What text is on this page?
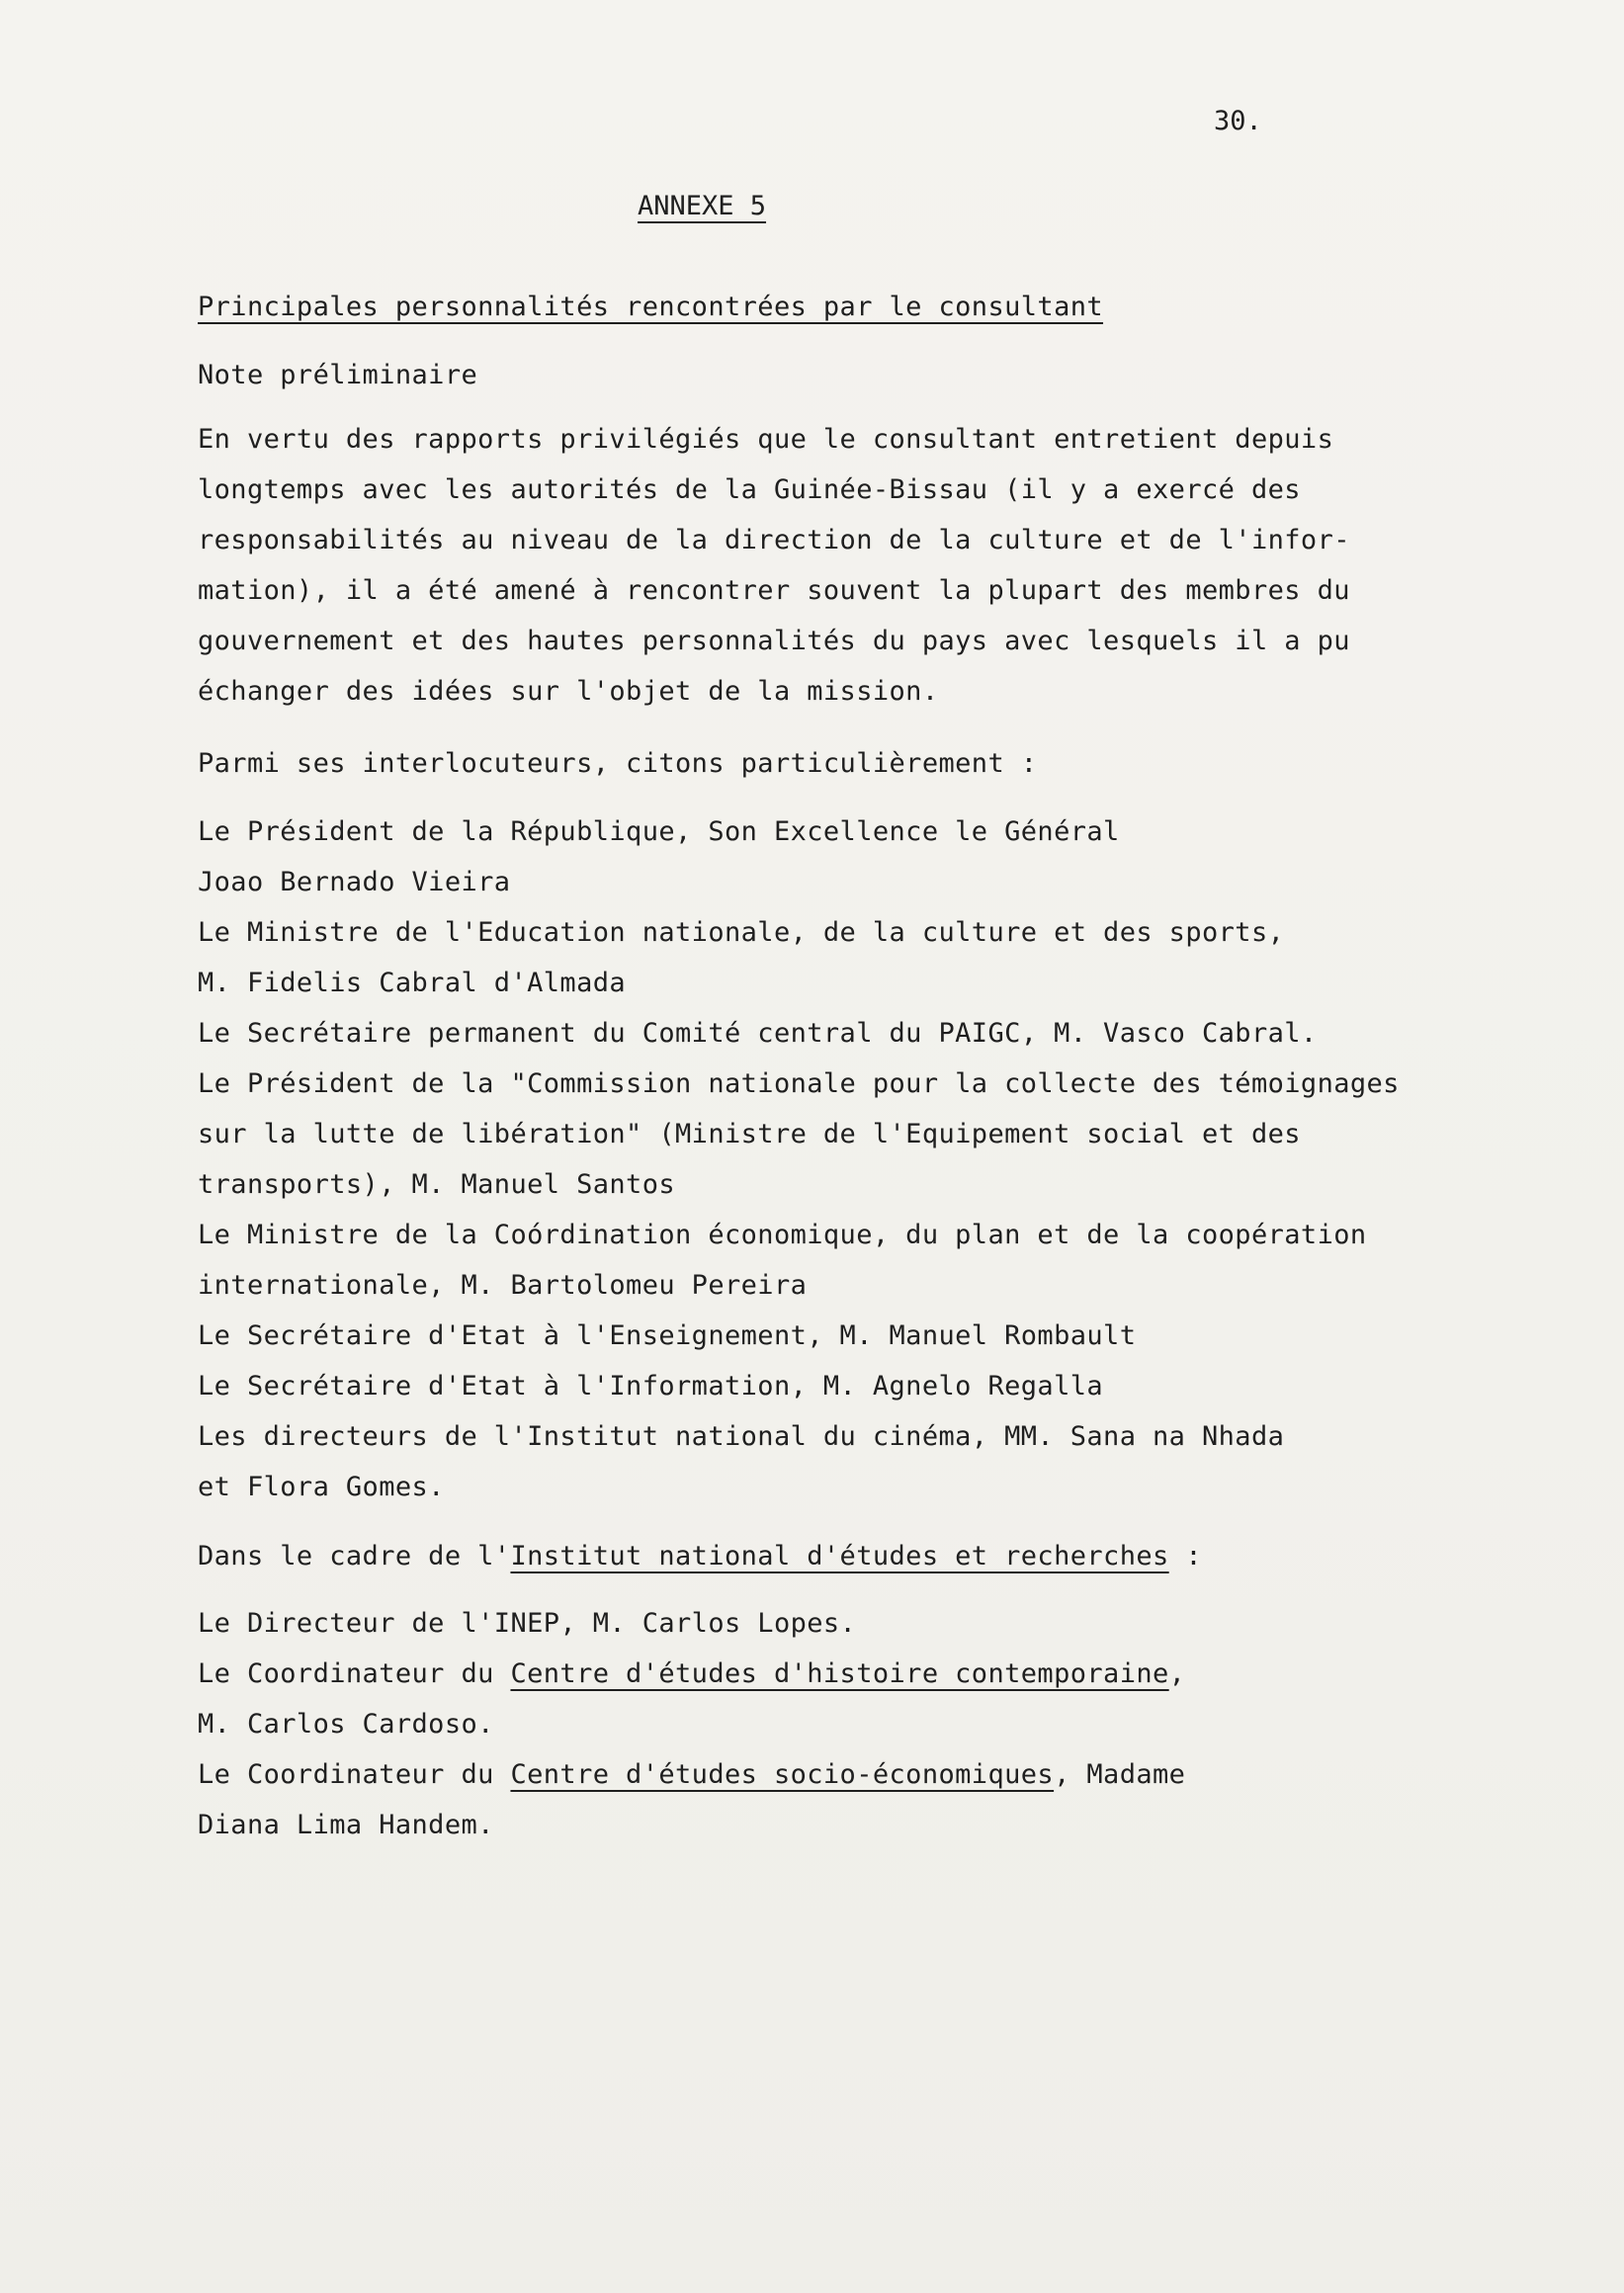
30.
ANNEXE 5

Principales personnalités rencontrées par le consultant

Note préliminaire

En vertu des rapports privilégiés que le consultant entretient depuis

longtemps avec les autorités de la Guinée-Bissau (il y a exercé des

responsabilités au niveau de la direction de la culture et de l'infor-

mation), il a été amené à rencontrer souvent la plupart des membres du

gouvernement et des hautes personnalités du pays avec lesquels il a pu

échanger des idées sur l'objet de la mission.

Parmi ses interlocuteurs, citons particulièrement :

Le Président de la République, Son Excellence le Général

Joao Bernado Vieira

Le Ministre de l'Education nationale, de la culture et des sports,

M. Fidelis Cabral d'Almada

Le Secrétaire permanent du Comité central du PAIGC, M. Vasco Cabral.

Le Président de la "Commission nationale pour la collecte des témoignages

sur la lutte de libération" (Ministre de l'Equipement social et des

transports), M. Manuel Santos

Le Ministre de la Coórdination économique, du plan et de la coopération

internationale, M. Bartolomeu Pereira

Le Secrétaire d'Etat à l'Enseignement, M. Manuel Rombault

Le Secrétaire d'Etat à l'Information, M. Agnelo Regalla

Les directeurs de l'Institut national du cinéma, MM. Sana na Nhada

et Flora Gomes.

Dans le cadre de l'Institut national d'études et recherches :

Le Directeur de l'INEP, M. Carlos Lopes.

Le Coordinateur du Centre d'études d'histoire contemporaine,

M. Carlos Cardoso.

Le Coordinateur du Centre d'études socio-économiques, Madame

Diana Lima Handem.
